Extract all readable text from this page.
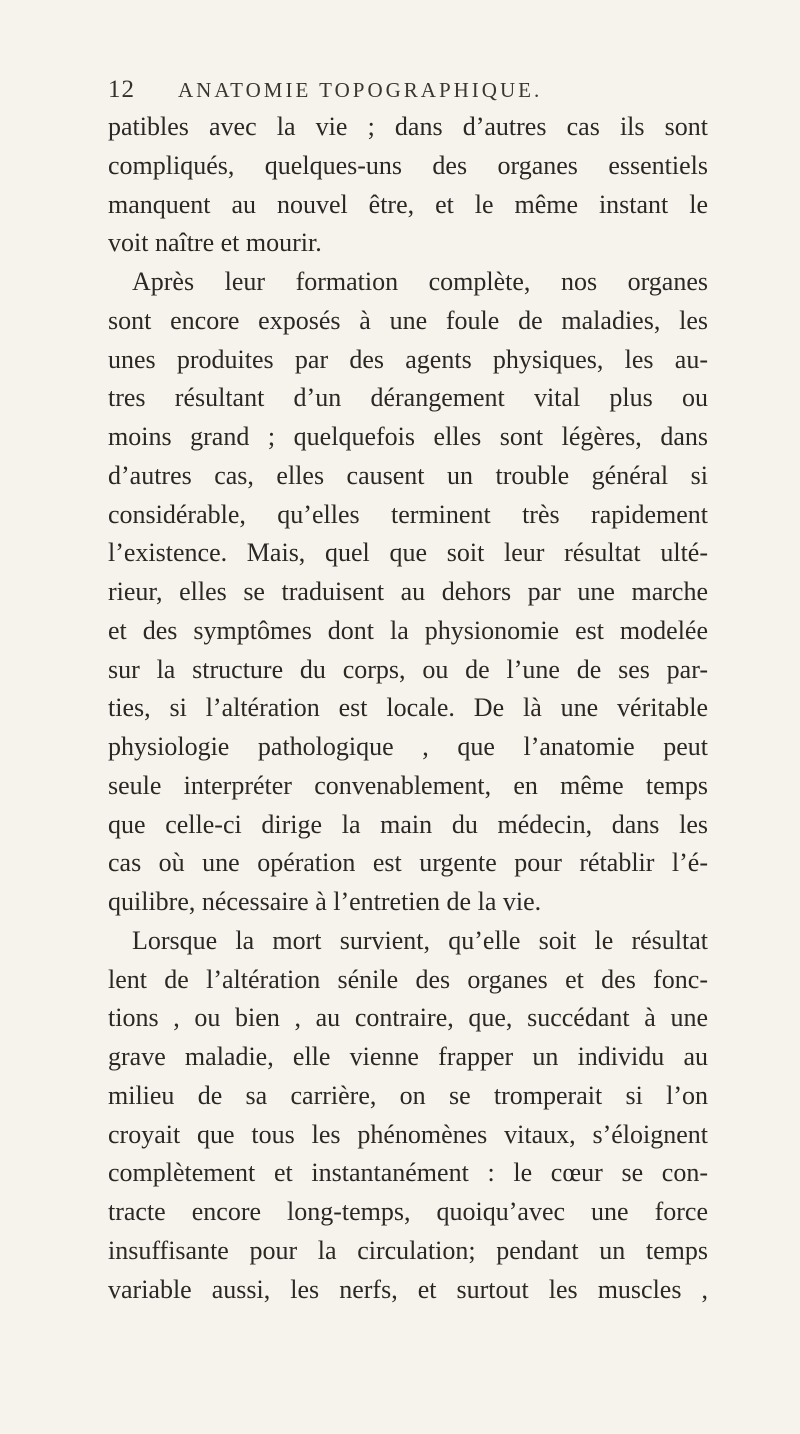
12 ANATOMIE TOPOGRAPHIQUE.
patibles avec la vie ; dans d’autres cas ils sont
compliqués, quelques-uns des organes essentiels
manquent au nouvel être, et le même instant le
voit naître et mourir.
Après leur formation complète, nos organes
sont encore exposés à une foule de maladies, les
unes produites par des agents physiques, les au-
tres résultant d’un dérangement vital plus ou
moins grand ; quelquefois elles sont légères, dans
d’autres cas, elles causent un trouble général si
considérable, qu’elles terminent très rapidement
l’existence. Mais, quel que soit leur résultat ulté-
rieur, elles se traduisent au dehors par une marche
et des symptômes dont la physionomie est modelée
sur la structure du corps, ou de l’une de ses par-
ties, si l’altération est locale. De là une véritable
physiologie pathologique , que l’anatomie peut
seule interpréter convenablement, en même temps
que celle-ci dirige la main du médecin, dans les
cas où une opération est urgente pour rétablir l’é-
quilibre, nécessaire à l’entretien de la vie.
Lorsque la mort survient, qu’elle soit le résultat
lent de l’altération sénile des organes et des fonc-
tions , ou bien , au contraire, que, succédant à une
grave maladie, elle vienne frapper un individu au
milieu de sa carrière, on se tromperait si l’on
croyait que tous les phénomènes vitaux, s’éloignent
complètement et instantanément : le cœur se con-
tracte encore long-temps, quoiqu’avec une force
insuffisante pour la circulation; pendant un temps
variable aussi, les nerfs, et surtout les muscles ,
